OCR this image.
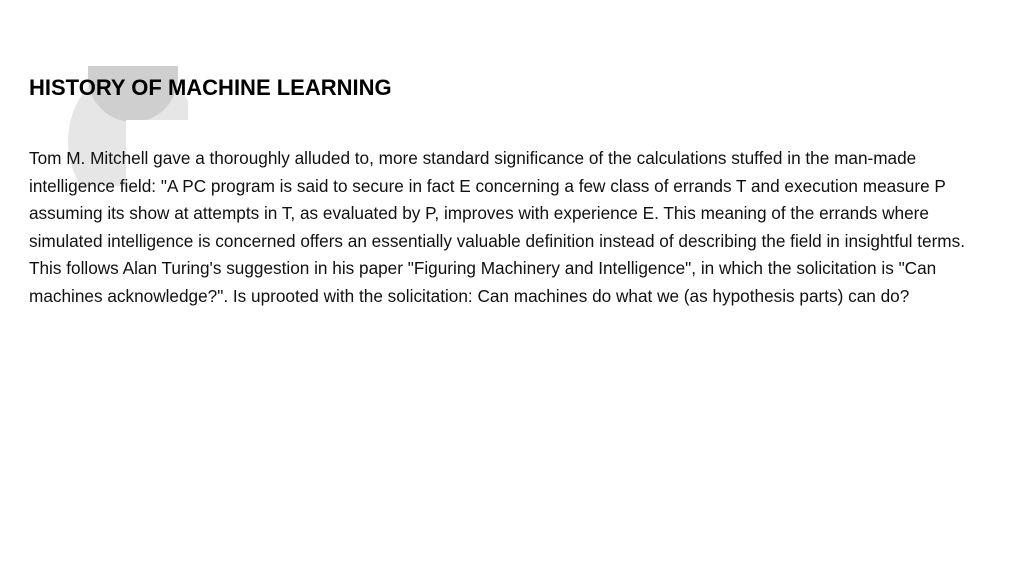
HISTORY OF MACHINE LEARNING

Tom M. Mitchell gave a thoroughly alluded to, more standard significance of the calculations stuffed in the man-made intelligence field: "A PC program is said to secure in fact E concerning a few class of errands T and execution measure P assuming its show at attempts in T, as evaluated by P, improves with experience E. This meaning of the errands where simulated intelligence is concerned offers an essentially valuable definition instead of describing the field in insightful terms. This follows Alan Turing's suggestion in his paper "Figuring Machinery and Intelligence", in which the solicitation is "Can machines acknowledge?". Is uprooted with the solicitation: Can machines do what we (as hypothesis parts) can do?
